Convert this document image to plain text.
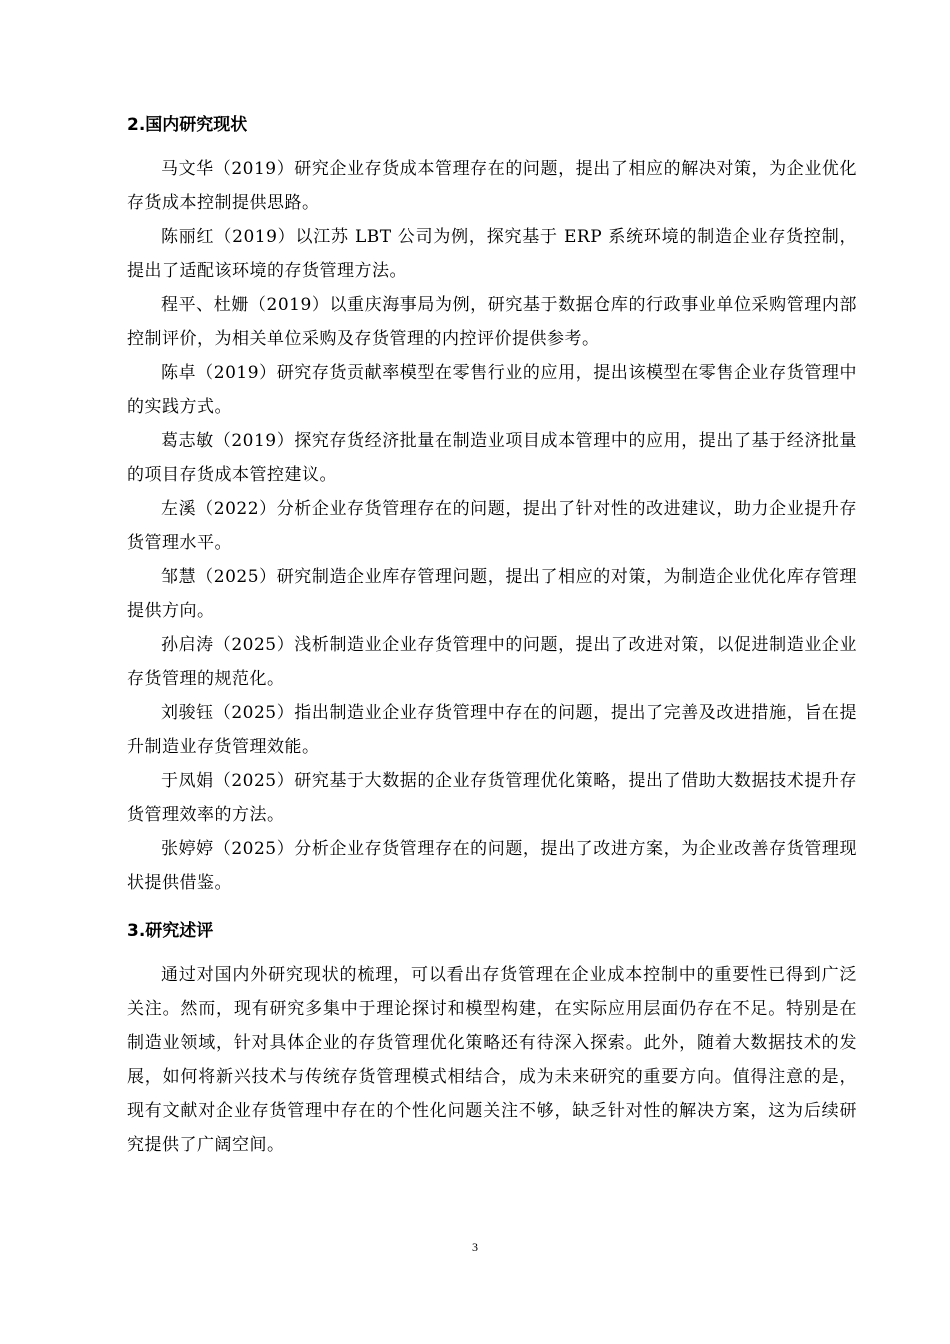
2.国内研究现状

马文华（2019）研究企业存货成本管理存在的问题，提出了相应的解决对策，为企业优化存货成本控制提供思路。

陈丽红（2019）以江苏 LBT 公司为例，探究基于 ERP 系统环境的制造企业存货控制，提出了适配该环境的存货管理方法。

程平、杜姗（2019）以重庆海事局为例，研究基于数据仓库的行政事业单位采购管理内部控制评价，为相关单位采购及存货管理的内控评价提供参考。

陈卓（2019）研究存货贡献率模型在零售行业的应用，提出该模型在零售企业存货管理中的实践方式。

葛志敏（2019）探究存货经济批量在制造业项目成本管理中的应用，提出了基于经济批量的项目存货成本管控建议。

左溪（2022）分析企业存货管理存在的问题，提出了针对性的改进建议，助力企业提升存货管理水平。

邹慧（2025）研究制造企业库存管理问题，提出了相应的对策，为制造企业优化库存管理提供方向。

孙启涛（2025）浅析制造业企业存货管理中的问题，提出了改进对策，以促进制造业企业存货管理的规范化。

刘骏钰（2025）指出制造业企业存货管理中存在的问题，提出了完善及改进措施，旨在提升制造业存货管理效能。

于凤娟（2025）研究基于大数据的企业存货管理优化策略，提出了借助大数据技术提升存货管理效率的方法。

张婷婷（2025）分析企业存货管理存在的问题，提出了改进方案，为企业改善存货管理现状提供借鉴。

3.研究述评

通过对国内外研究现状的梳理，可以看出存货管理在企业成本控制中的重要性已得到广泛关注。然而，现有研究多集中于理论探讨和模型构建，在实际应用层面仍存在不足。特别是在制造业领域，针对具体企业的存货管理优化策略还有待深入探索。此外，随着大数据技术的发展，如何将新兴技术与传统存货管理模式相结合，成为未来研究的重要方向。值得注意的是，现有文献对企业存货管理中存在的个性化问题关注不够，缺乏针对性的解决方案，这为后续研究提供了广阔空间。

3
